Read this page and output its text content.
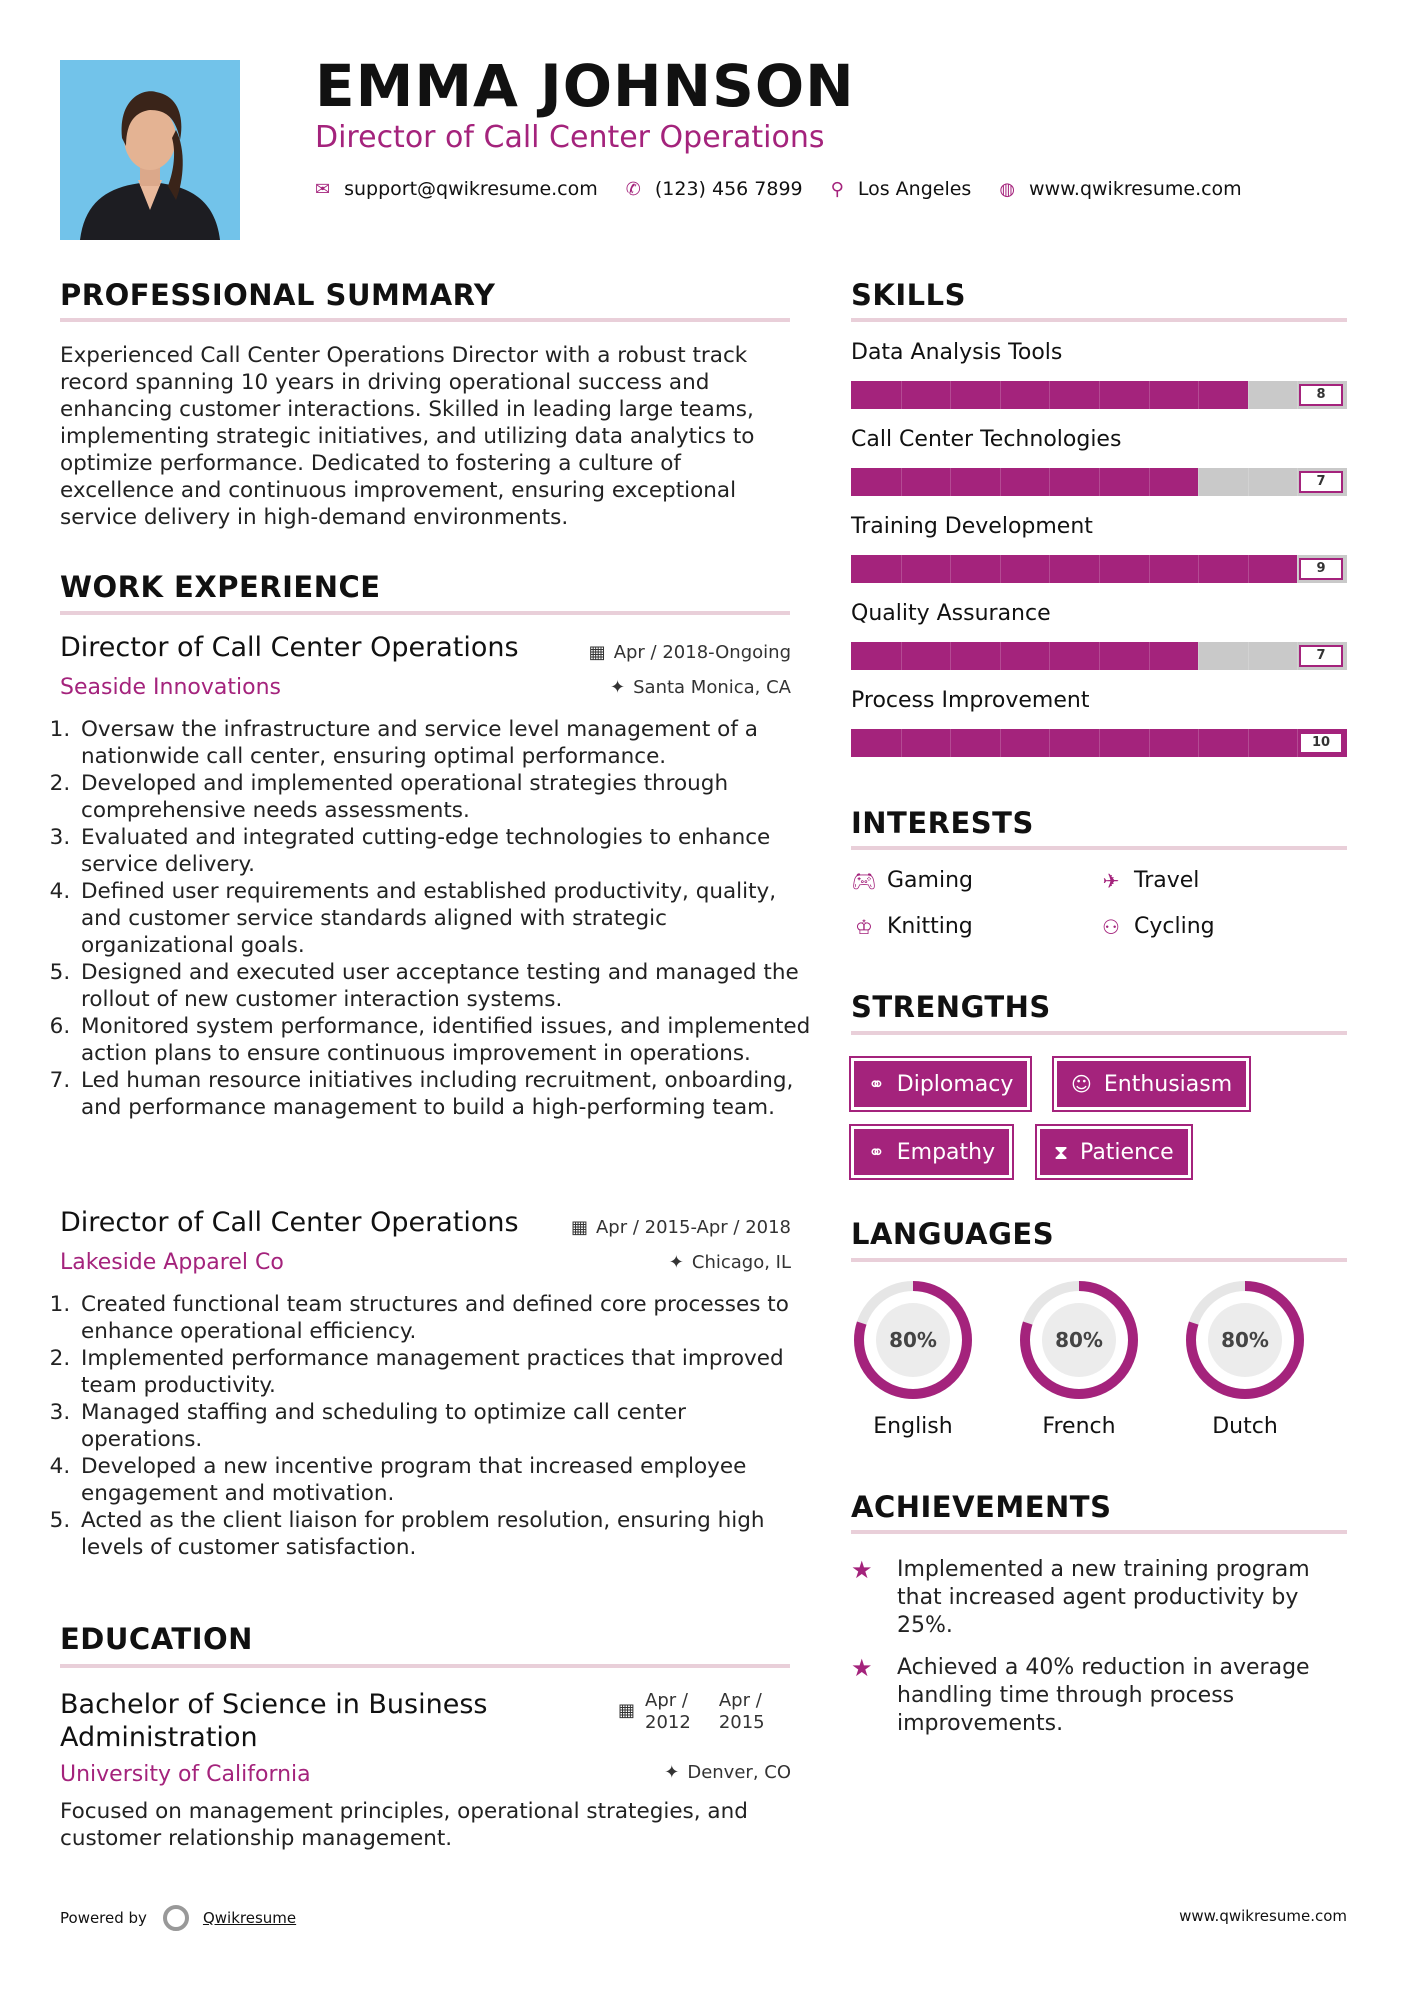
EMMA JOHNSON
Director of Call Center Operations
✉ support@qwikresume.com ✆ (123) 456 7899 ⚲ Los Angeles ◍ www.qwikresume.com
PROFESSIONAL SUMMARY
Experienced Call Center Operations Director with a robust track record spanning 10 years in driving operational success and enhancing customer interactions. Skilled in leading large teams, implementing strategic initiatives, and utilizing data analytics to optimize performance. Dedicated to fostering a culture of excellence and continuous improvement, ensuring exceptional service delivery in high-demand environments.
WORK EXPERIENCE
Director of Call Center Operations	▦ Apr / 2018-Ongoing
Seaside Innovations	✦ Santa Monica, CA
1. Oversaw the infrastructure and service level management of a nationwide call center, ensuring optimal performance.
2. Developed and implemented operational strategies through comprehensive needs assessments.
3. Evaluated and integrated cutting-edge technologies to enhance service delivery.
4. Defined user requirements and established productivity, quality, and customer service standards aligned with strategic organizational goals.
5. Designed and executed user acceptance testing and managed the rollout of new customer interaction systems.
6. Monitored system performance, identified issues, and implemented action plans to ensure continuous improvement in operations.
7. Led human resource initiatives including recruitment, onboarding, and performance management to build a high-performing team.
Director of Call Center Operations	▦ Apr / 2015-Apr / 2018
Lakeside Apparel Co	✦ Chicago, IL
1. Created functional team structures and defined core processes to enhance operational efficiency.
2. Implemented performance management practices that improved team productivity.
3. Managed staffing and scheduling to optimize call center operations.
4. Developed a new incentive program that increased employee engagement and motivation.
5. Acted as the client liaison for problem resolution, ensuring high levels of customer satisfaction.
EDUCATION
Bachelor of Science in Business
Administration
▦ Apr /
2012
Apr /
2015
University of California	✦ Denver, CO
Focused on management principles, operational strategies, and customer relationship management.
SKILLS
Data Analysis Tools
8
Call Center Technologies
7
Training Development
9
Quality Assurance
7
Process Improvement
10
INTERESTS
🎮︎ Gaming	✈ Travel
♔ Knitting	⚇ Cycling
STRENGTHS
⚭ Diplomacy	☺ Enthusiasm
⚭ Empathy	⧗ Patience
LANGUAGES
80%
English
80%
French
80%
Dutch
ACHIEVEMENTS
★	Implemented a new training program that increased agent productivity by 25%.
★	Achieved a 40% reduction in average handling time through process improvements.
Powered by	Qwikresume	www.qwikresume.com
